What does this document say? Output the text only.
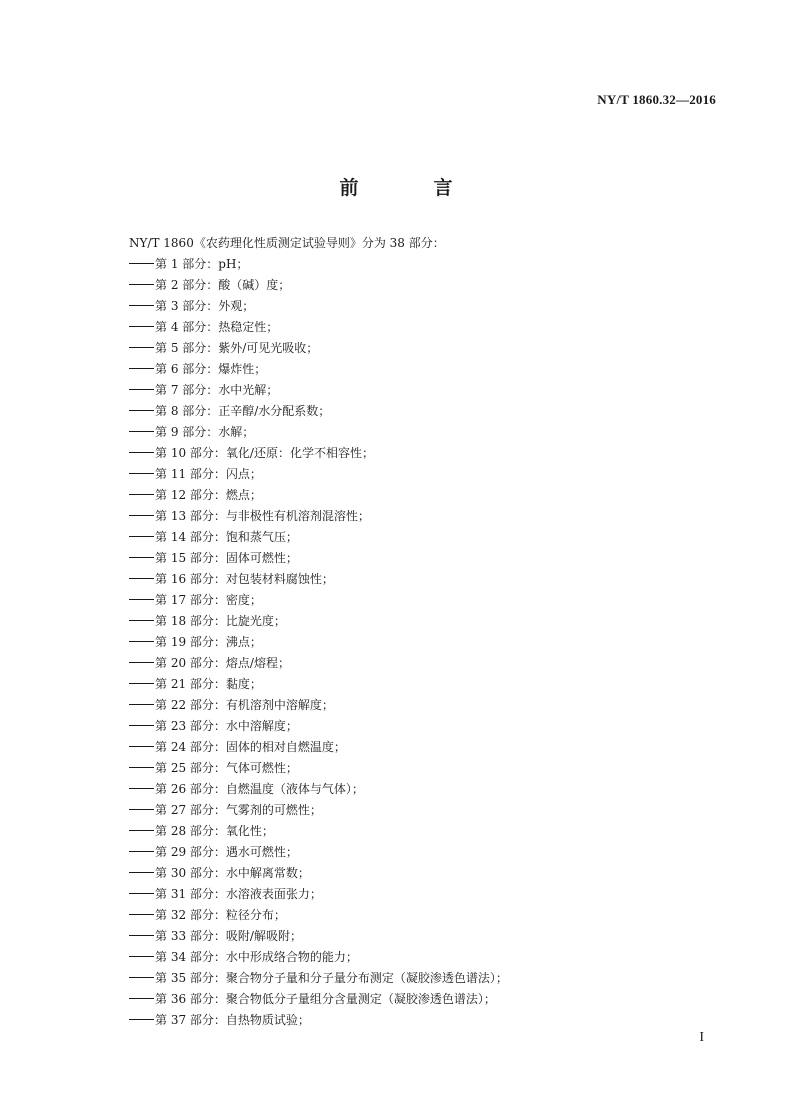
NY/T 1860.32—2016
前　言
NY/T 1860《农药理化性质测定试验导则》分为 38 部分：
第 1 部分：pH；
第 2 部分：酸（碱）度；
第 3 部分：外观；
第 4 部分：热稳定性；
第 5 部分：紫外/可见光吸收；
第 6 部分：爆炸性；
第 7 部分：水中光解；
第 8 部分：正辛醇/水分配系数；
第 9 部分：水解；
第 10 部分：氧化/还原：化学不相容性；
第 11 部分：闪点；
第 12 部分：燃点；
第 13 部分：与非极性有机溶剂混溶性；
第 14 部分：饱和蒸气压；
第 15 部分：固体可燃性；
第 16 部分：对包装材料腐蚀性；
第 17 部分：密度；
第 18 部分：比旋光度；
第 19 部分：沸点；
第 20 部分：熔点/熔程；
第 21 部分：黏度；
第 22 部分：有机溶剂中溶解度；
第 23 部分：水中溶解度；
第 24 部分：固体的相对自燃温度；
第 25 部分：气体可燃性；
第 26 部分：自燃温度（液体与气体）；
第 27 部分：气雾剂的可燃性；
第 28 部分：氧化性；
第 29 部分：遇水可燃性；
第 30 部分：水中解离常数；
第 31 部分：水溶液表面张力；
第 32 部分：粒径分布；
第 33 部分：吸附/解吸附；
第 34 部分：水中形成络合物的能力；
第 35 部分：聚合物分子量和分子量分布测定（凝胶渗透色谱法）；
第 36 部分：聚合物低分子量组分含量测定（凝胶渗透色谱法）；
第 37 部分：自热物质试验；
I
